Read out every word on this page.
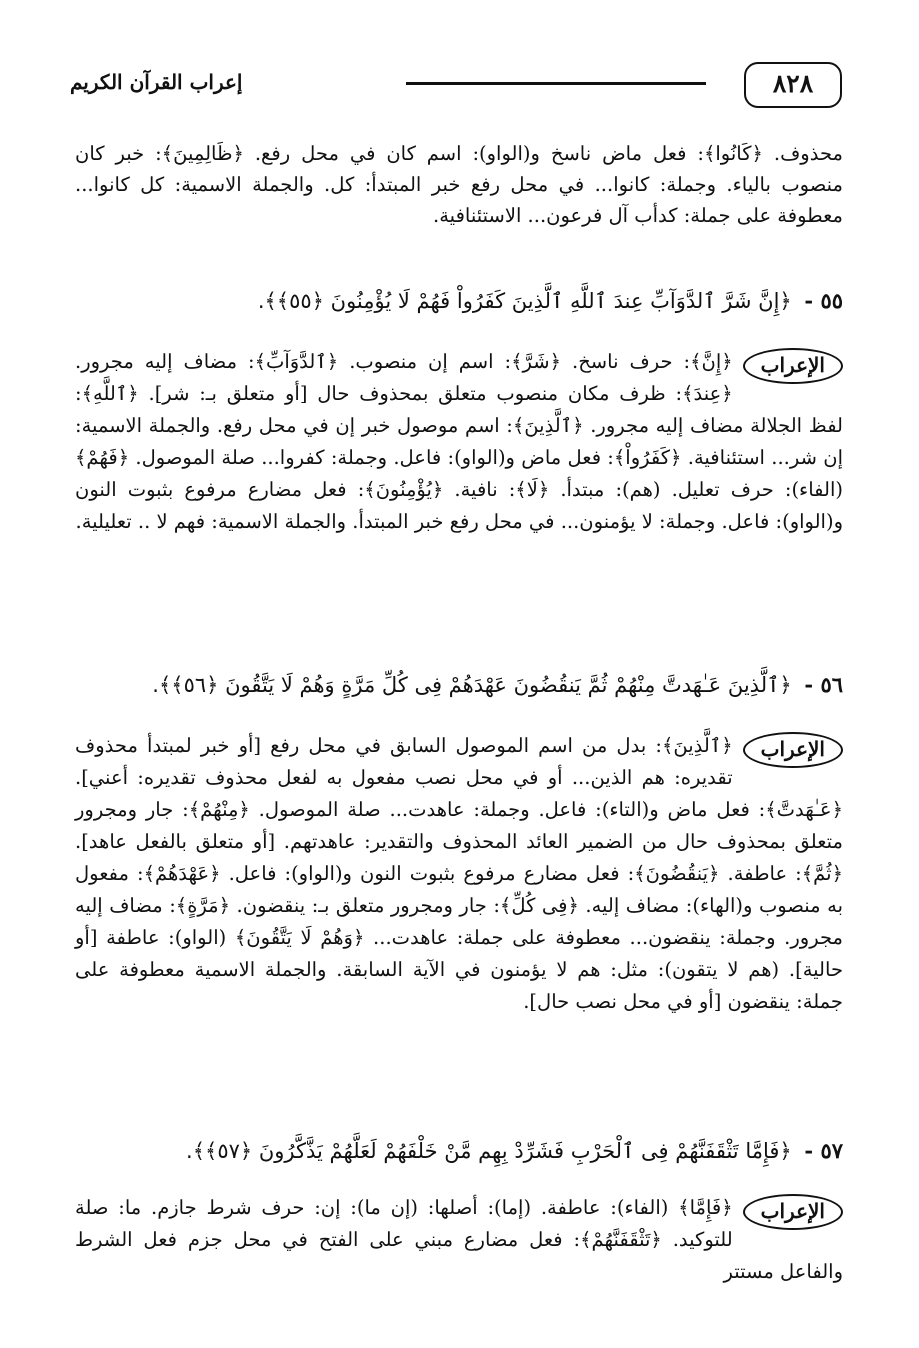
٨٢٨
إعراب القرآن الكريم

محذوف. ﴿كَانُوا﴾: فعل ماض ناسخ و(الواو): اسم كان في محل رفع. ﴿ظَالِمِينَ﴾: خبر كان منصوب بالياء. وجملة: كانوا... في محل رفع خبر المبتدأ: كل. والجملة الاسمية: كل كانوا... معطوفة على جملة: كدأب آل فرعون... الاستئنافية.

٥٥ - ﴿إِنَّ شَرَّ ٱلدَّوَآبِّ عِندَ ٱللَّهِ ٱلَّذِينَ كَفَرُواْ فَهُمْ لَا يُؤْمِنُونَ ﴿٥٥﴾﴾.
الإعراب
﴿إِنَّ﴾: حرف ناسخ. ﴿شَرَّ﴾: اسم إن منصوب. ﴿ٱلدَّوَآبِّ﴾: مضاف إليه مجرور. ﴿عِندَ﴾: ظرف مكان منصوب متعلق بمحذوف حال [أو متعلق بـ: شر]. ﴿ٱللَّهِ﴾: لفظ الجلالة مضاف إليه مجرور. ﴿ٱلَّذِينَ﴾: اسم موصول خبر إن في محل رفع. والجملة الاسمية: إن شر... استئنافية. ﴿كَفَرُواْ﴾: فعل ماض و(الواو): فاعل. وجملة: كفروا... صلة الموصول. ﴿فَهُمْ﴾ (الفاء): حرف تعليل. (هم): مبتدأ. ﴿لَا﴾: نافية. ﴿يُؤْمِنُونَ﴾: فعل مضارع مرفوع بثبوت النون و(الواو): فاعل. وجملة: لا يؤمنون... في محل رفع خبر المبتدأ. والجملة الاسمية: فهم لا .. تعليلية.
٥٦ - ﴿ٱلَّذِينَ عَـٰهَدتَّ مِنْهُمْ ثُمَّ يَنقُضُونَ عَهْدَهُمْ فِى كُلِّ مَرَّةٍ وَهُمْ لَا يَتَّقُونَ ﴿٥٦﴾﴾.
الإعراب
﴿ٱلَّذِينَ﴾: بدل من اسم الموصول السابق في محل رفع [أو خبر لمبتدأ محذوف تقديره: هم الذين... أو في محل نصب مفعول به لفعل محذوف تقديره: أعني]. ﴿عَـٰهَدتَّ﴾: فعل ماض و(التاء): فاعل. وجملة: عاهدت... صلة الموصول. ﴿مِنْهُمْ﴾: جار ومجرور متعلق بمحذوف حال من الضمير العائد المحذوف والتقدير: عاهدتهم. [أو متعلق بالفعل عاهد]. ﴿ثُمَّ﴾: عاطفة. ﴿يَنقُضُونَ﴾: فعل مضارع مرفوع بثبوت النون و(الواو): فاعل. ﴿عَهْدَهُمْ﴾: مفعول به منصوب و(الهاء): مضاف إليه. ﴿فِى كُلِّ﴾: جار ومجرور متعلق بـ: ينقضون. ﴿مَرَّةٍ﴾: مضاف إليه مجرور. وجملة: ينقضون... معطوفة على جملة: عاهدت... ﴿وَهُمْ لَا يَتَّقُونَ﴾ (الواو): عاطفة [أو حالية]. (هم لا يتقون): مثل: هم لا يؤمنون في الآية السابقة. والجملة الاسمية معطوفة على جملة: ينقضون [أو في محل نصب حال].
٥٧ - ﴿فَإِمَّا تَثْقَفَنَّهُمْ فِى ٱلْحَرْبِ فَشَرِّدْ بِهِم مَّنْ خَلْفَهُمْ لَعَلَّهُمْ يَذَّكَّرُونَ ﴿٥٧﴾﴾.
الإعراب
﴿فَإِمَّا﴾ (الفاء): عاطفة. (إما): أصلها: (إن ما): إن: حرف شرط جازم. ما: صلة للتوكيد. ﴿تَثْقَفَنَّهُمْ﴾: فعل مضارع مبني على الفتح في محل جزم فعل الشرط والفاعل مستتر
